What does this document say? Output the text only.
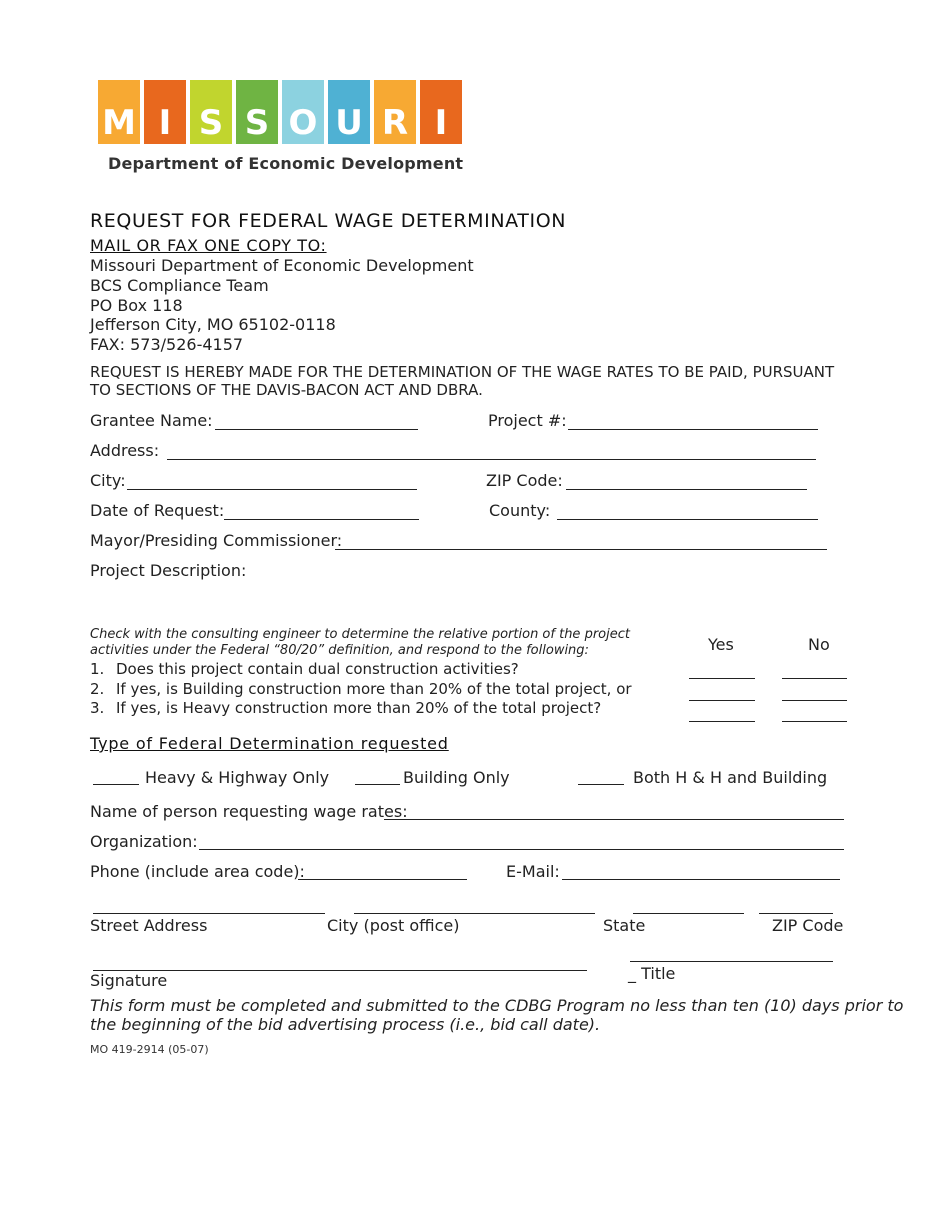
M I S S O U R I
Department of Economic Development
REQUEST FOR FEDERAL WAGE DETERMINATION
MAIL OR FAX ONE COPY TO:
Missouri Department of Economic Development
BCS Compliance Team
PO Box 118
Jefferson City, MO 65102-0118
FAX: 573/526-4157
REQUEST IS HEREBY MADE FOR THE DETERMINATION OF THE WAGE RATES TO BE PAID, PURSUANT
TO SECTIONS OF THE DAVIS-BACON ACT AND DBRA.
Grantee Name:	Project #:
Address:
City:	ZIP Code:
Date of Request:	County:
Mayor/Presiding Commissioner:
Project Description:
Check with the consulting engineer to determine the relative portion of the project
activities under the Federal “80/20” definition, and respond to the following:	Yes	No
1. Does this project contain dual construction activities?
2. If yes, is Building construction more than 20% of the total project, or
3. If yes, is Heavy construction more than 20% of the total project?
Type of Federal Determination requested
Heavy & Highway Only	Building Only	Both H & H and Building
Name of person requesting wage rates:
Organization:
Phone (include area code):	E-Mail:
Street Address	City (post office)	State	ZIP Code
Signature	_ Title
This form must be completed and submitted to the CDBG Program no less than ten (10) days prior to
the beginning of the bid advertising process (i.e., bid call date).
MO 419-2914 (05-07)
